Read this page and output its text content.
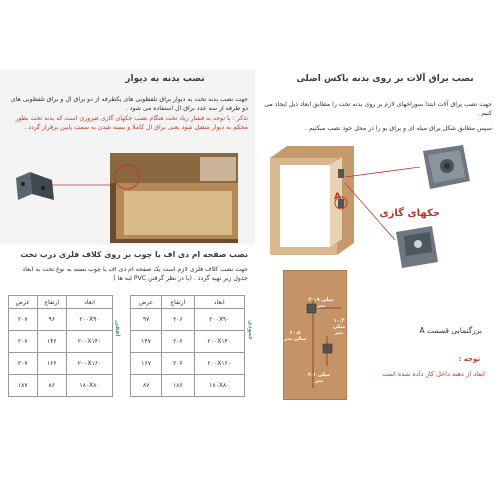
نصب بدنه به دیوار
جهت نصب بدنه تخت به دیوار براق تلفظوبی های یکطرفه از دو براق ال و براق تلفظوبی های دو طرفه از سه عدد براق ال استفاده می شود .
تذکر : با توجه به فشار زیاد تخت هنگام نصب جکهای گازی ضروری است که بدنه تخت بطور محکم به دیوار متصل شود یعنی براق ال کاملا و بسته شدن به سمت پایین برقرار گردد .
نصب یراق آلات بر روی بدنه باکس اصلی
جهت نصب یراق آلات ابتدا سوراخهای لازم بر روی بدنه تخت را مطابق ابعاد ذیل ایجاد می کنیم .
سپس مطابق شکل یراق میله ای و یراق یو را در محل خود نصب میکنیم .
A
جکهای گازی
نصب صفحه ام دی اف یا چوب بر روی کلاف فلزی درب تخت
جهت نصب کلاف فلزی لازم است یک صفحه ام دی اف یا چوب بسته به نوع تخت به ابعاد جدول زیر تهیه گردد . (با در نظر گرفتن PVC لبه ها )
عرض	ارتفاع	ابعاد
۹۷	۲۰۶	۲۰۰X۹۰
۱۴۷	۲۰۶	۲۰۰X۱۴۰
۱۶۷	۲۰۶	۲۰۰X۱۶۰
۸۷	۱۸۶	۱۸۰X۸۰
عمودی
عرض	ارتفاع	ابعاد
۲۰۷	۹۶	۲۰۰X۹۰
۲۰۷	۱۴۶	۲۰۰X۱۴۰
۲۰۷	۱۶۶	۲۰۰X۱۶۰
۱۸۷	۸۶	۱۸۰X۸۰
افقی
۲۰.۹ میلی متر
۶۰.۵ میلی متر
۱۰.۴ میلی متر
۲.۱ میلی متر
بزرگنمایی قسمت A
توجه :
ابعاد از دهنه داخل کار داده شده است
